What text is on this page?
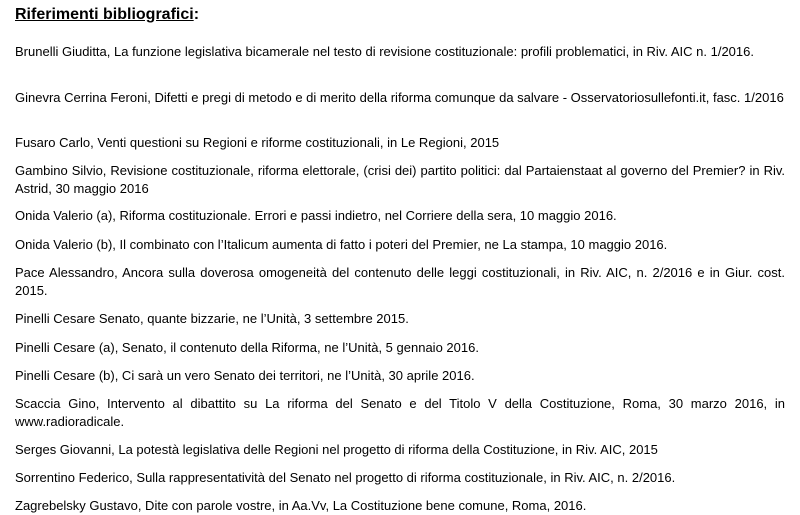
Riferimenti bibliografici:

Brunelli Giuditta, La funzione legislativa bicamerale nel testo di revisione costituzionale: profili problematici, in Riv. AIC n. 1/2016.

Ginevra Cerrina Feroni, Difetti e pregi di metodo e di merito della riforma comunque da salvare - Osservatoriosullefonti.it, fasc. 1/2016

Fusaro Carlo, Venti questioni su Regioni e riforme costituzionali, in Le Regioni, 2015

Gambino Silvio, Revisione costituzionale, riforma elettorale, (crisi dei) partito politici: dal Partaienstaat al governo del Premier? in Riv. Astrid, 30 maggio 2016

Onida Valerio (a), Riforma costituzionale. Errori e passi indietro, nel Corriere della sera, 10 maggio 2016.

Onida Valerio (b), Il combinato con l’Italicum aumenta di fatto i poteri del Premier, ne La stampa, 10 maggio 2016.

Pace Alessandro, Ancora sulla doverosa omogeneità del contenuto delle leggi costituzionali, in Riv. AIC, n. 2/2016 e in Giur. cost. 2015.

Pinelli Cesare Senato, quante bizzarie, ne l’Unità, 3 settembre 2015.

Pinelli Cesare (a), Senato, il contenuto della Riforma, ne l’Unità, 5 gennaio 2016.

Pinelli Cesare (b), Ci sarà un vero Senato dei territori, ne l’Unità, 30 aprile 2016.

Scaccia Gino, Intervento al dibattito su La riforma del Senato e del Titolo V della Costituzione, Roma, 30 marzo 2016, in www.radioradicale.

Serges Giovanni, La potestà legislativa delle Regioni nel progetto di riforma della Costituzione, in Riv. AIC, 2015

Sorrentino Federico, Sulla rappresentatività del Senato nel progetto di riforma costituzionale, in Riv. AIC, n. 2/2016.

Zagrebelsky Gustavo, Dite con parole vostre, in Aa.Vv, La Costituzione bene comune, Roma, 2016.
